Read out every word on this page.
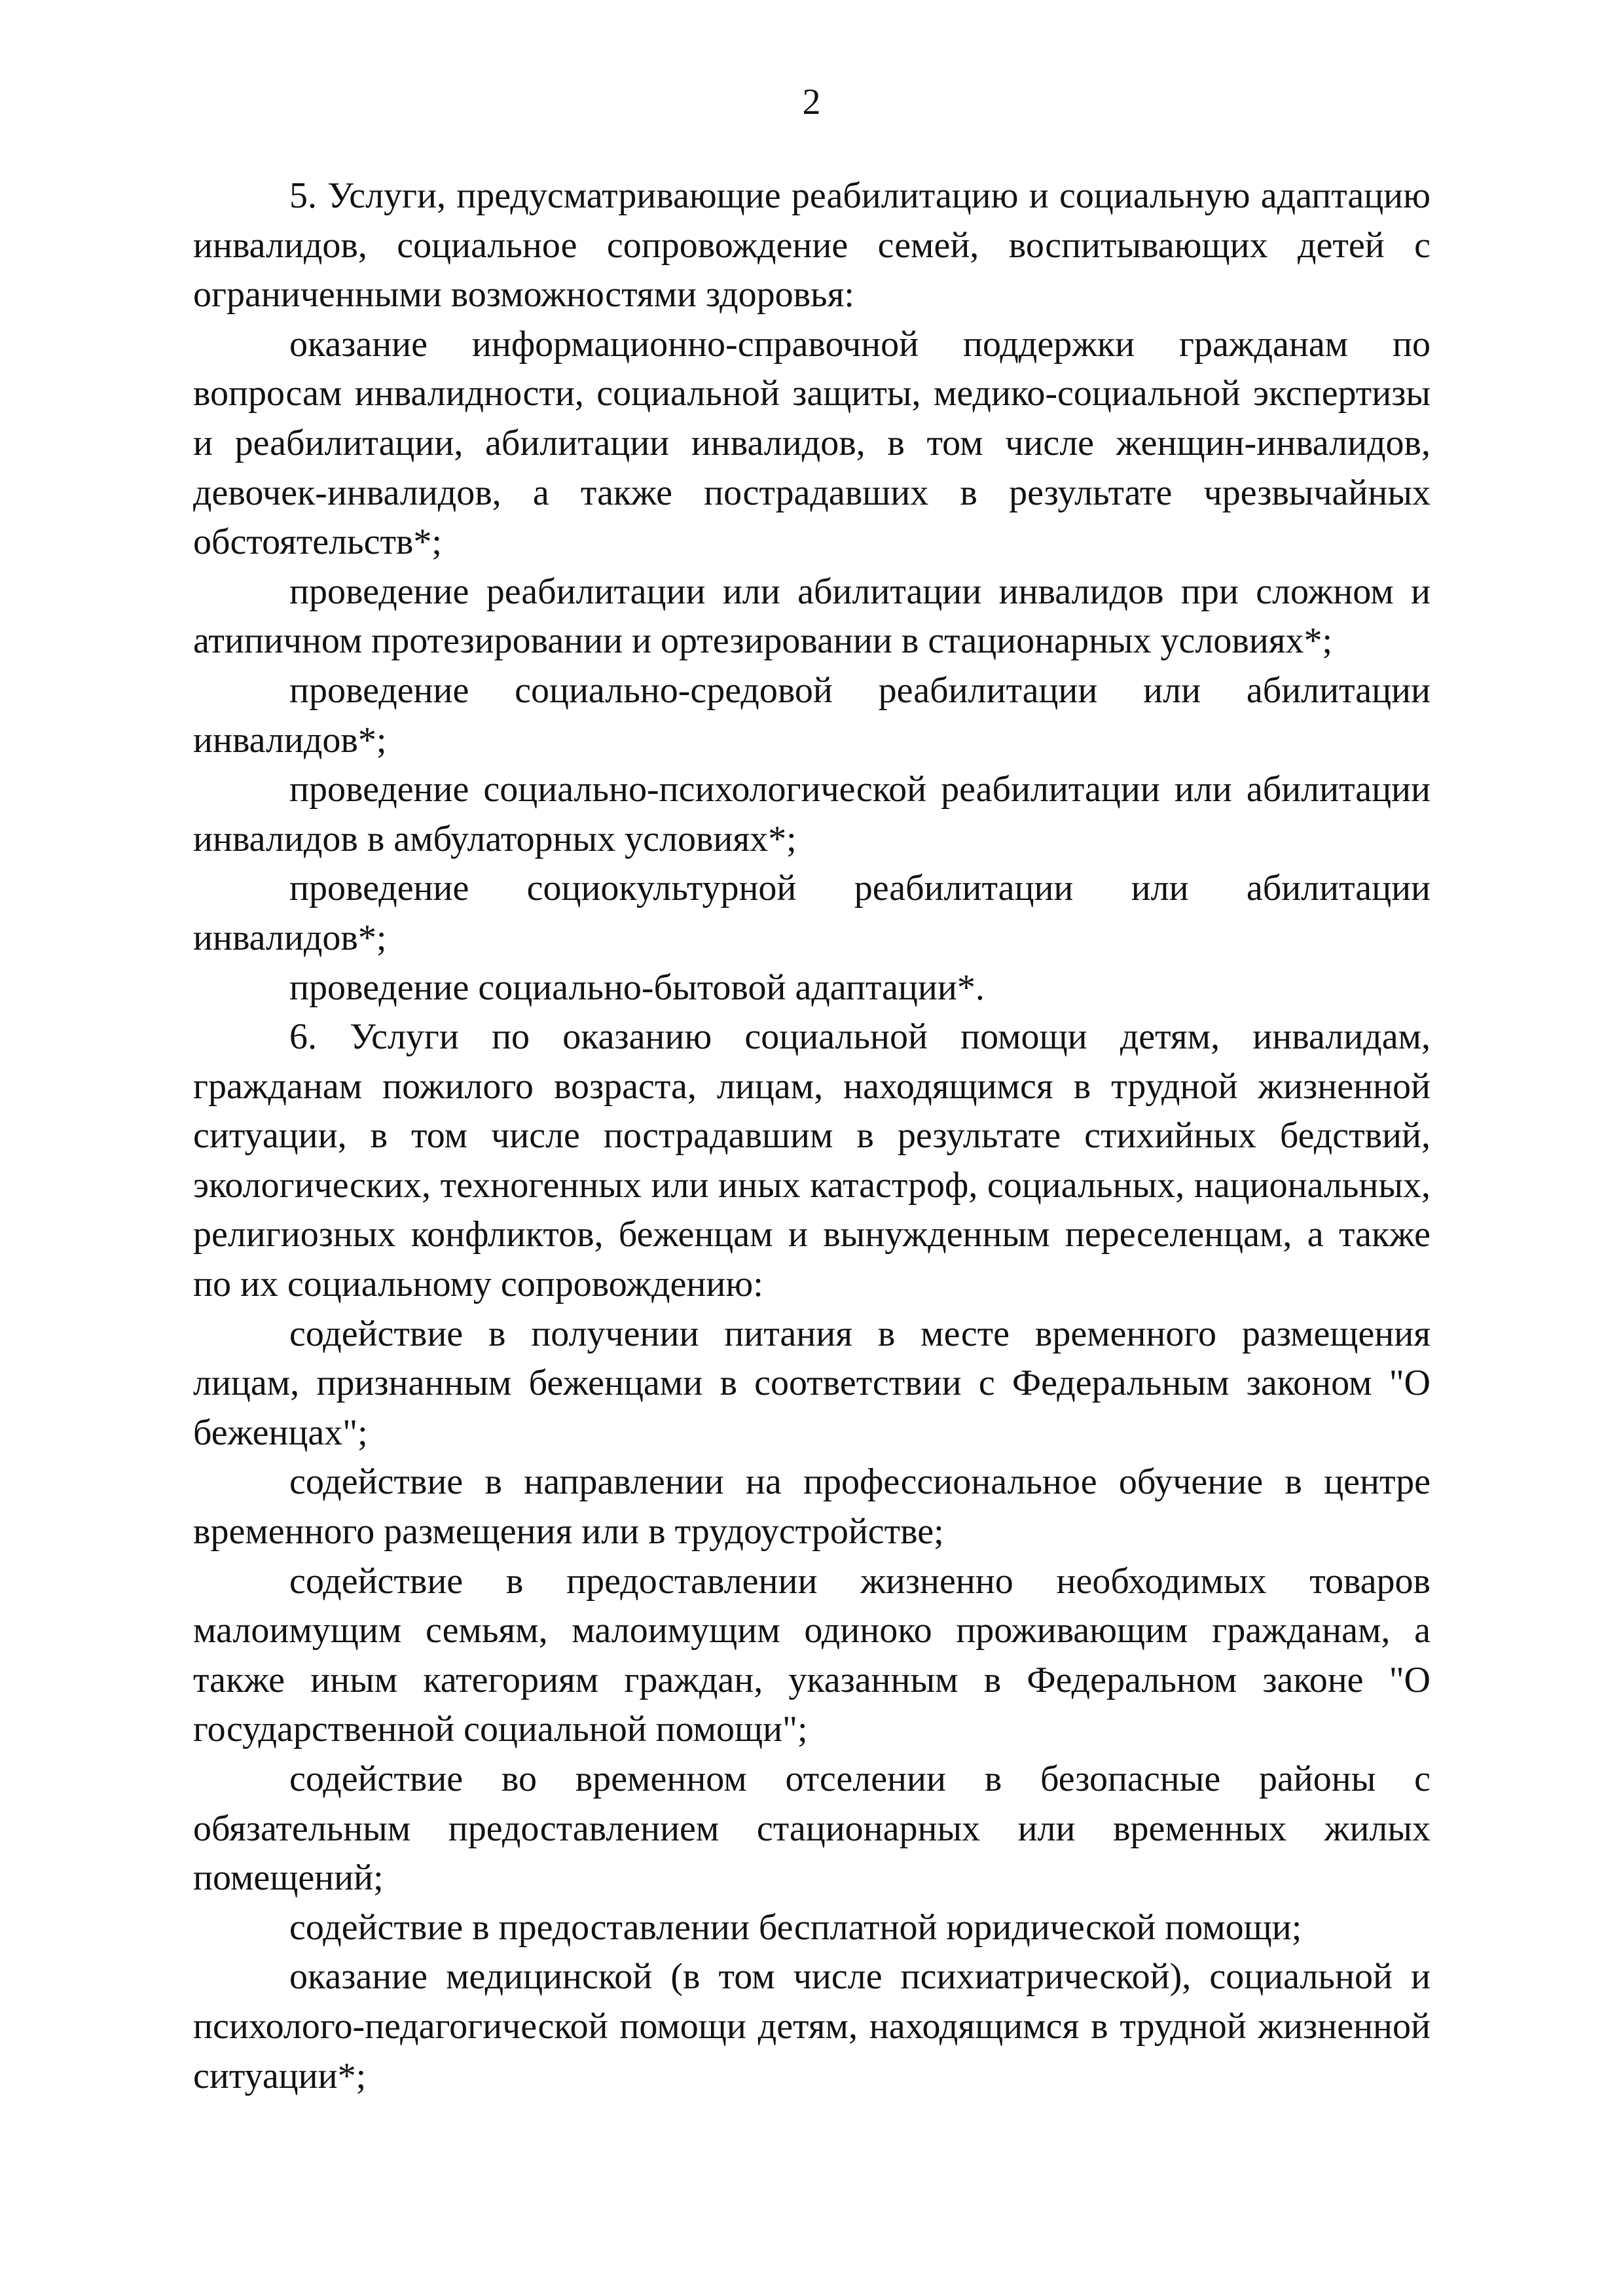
2

5. Услуги, предусматривающие реабилитацию и социальную адаптацию инвалидов, социальное сопровождение семей, воспитывающих детей с ограниченными возможностями здоровья:

оказание информационно-справочной поддержки гражданам по вопросам инвалидности, социальной защиты, медико-социальной экспертизы и реабилитации, абилитации инвалидов, в том числе женщин-инвалидов, девочек-инвалидов, а также пострадавших в результате чрезвычайных обстоятельств*;

проведение реабилитации или абилитации инвалидов при сложном и атипичном протезировании и ортезировании в стационарных условиях*;

проведение социально-средовой реабилитации или абилитации инвалидов*;

проведение социально-психологической реабилитации или абилитации инвалидов в амбулаторных условиях*;

проведение социокультурной реабилитации или абилитации инвалидов*;

проведение социально-бытовой адаптации*.

6. Услуги по оказанию социальной помощи детям, инвалидам, гражданам пожилого возраста, лицам, находящимся в трудной жизненной ситуации, в том числе пострадавшим в результате стихийных бедствий, экологических, техногенных или иных катастроф, социальных, национальных, религиозных конфликтов, беженцам и вынужденным переселенцам, а также по их социальному сопровождению:

содействие в получении питания в месте временного размещения лицам, признанным беженцами в соответствии с Федеральным законом "О беженцах";

содействие в направлении на профессиональное обучение в центре временного размещения или в трудоустройстве;

содействие в предоставлении жизненно необходимых товаров малоимущим семьям, малоимущим одиноко проживающим гражданам, а также иным категориям граждан, указанным в Федеральном законе "О государственной социальной помощи";

содействие во временном отселении в безопасные районы с обязательным предоставлением стационарных или временных жилых помещений;

содействие в предоставлении бесплатной юридической помощи;

оказание медицинской (в том числе психиатрической), социальной и психолого-педагогической помощи детям, находящимся в трудной жизненной ситуации*;
